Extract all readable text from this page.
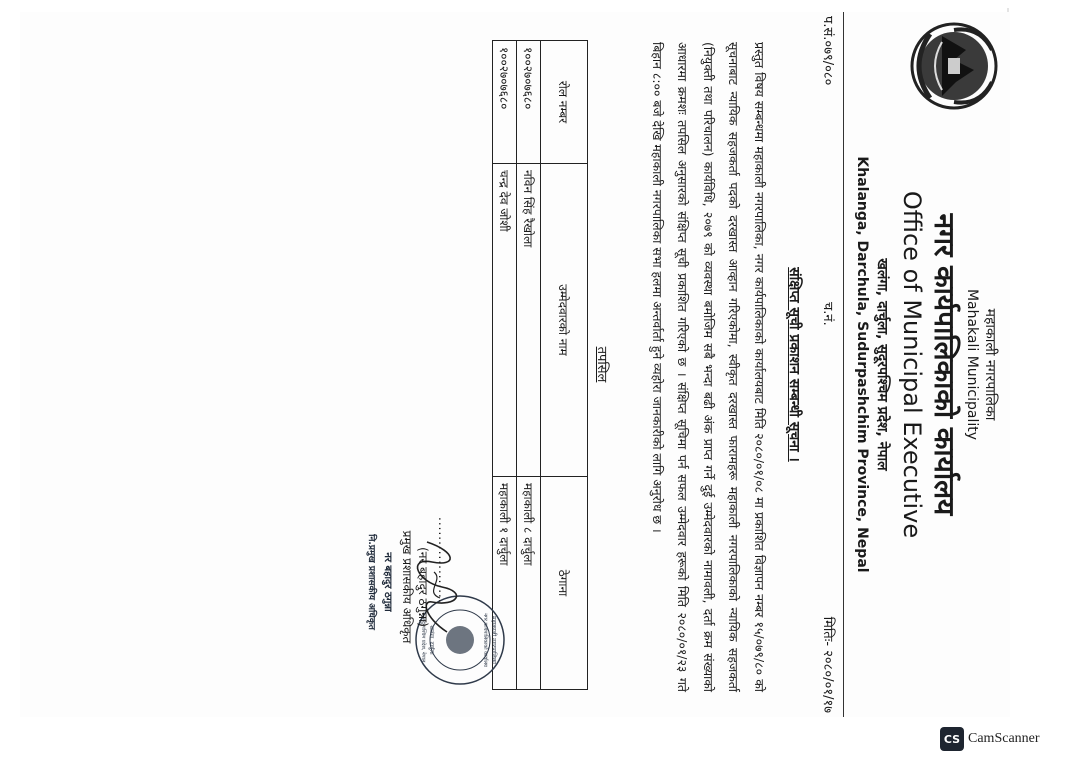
महाकाली नगरपालिका
Mahakali Municipality
नगर कार्यपालिकाको कार्यालय
Office of Municipal Executive
खलंगा, दार्चुला, सुदूरपश्चिम प्रदेश, नेपाल
Khalanga, Darchula, Sudurpashchim Province, Nepal
प.सं.०७९/०८०
च.नं.
मितिः- २०८०/०१/१७
संक्षिप्त सूची प्रकाशन सम्बन्धी सूचना ।
प्रस्तुत विषय सम्बन्धमा महाकाली नगरपालिका, नगर कार्यपालिकाको कार्यालयबाट मिति २०८०/०१/०८ मा प्रकाशित विज्ञापन नम्बर १५/०७९/८० को सूचनाबाट न्यायिक सहजकर्ता पदको दरखास्त आव्हान गरिएकोमा, स्वीकृत दरखास्त फारामहरू महाकाली नगरपालिकाको न्यायिक सहजकर्ता (नियुक्ती तथा परिचालन) कार्यविधि, २०७९ को व्यवस्था बमोजिम सबै भन्दा बढी अंक प्राप्त गर्ने दुई उम्मेदवारको नामावली, दर्ता क्रम संख्याको आधारमा क्रमशः तपसिल अनुसारको संक्षिप्त सूची प्रकाशित गरिएको छ । संक्षिप्त सूचिमा पर्न सफल उम्मेदवार हरूको मिति २०८०/०१/२३ गते बिहान ८:०० बजे देखि महाकाली नगरपालिका सभा हलमा अन्तर्वार्ता हुने व्यहोरा जानकारीको लागि अनुरोध छ ।
तपसिल
रोल नम्बर	उम्मेदवारको नाम	ठेगाना
१००२७०७६८०	नविन सिंह रैखोला	महाकाली ८ दार्चुला
१००२७०७६८०	चन्द्र देव जोशी	महाकाली १ दार्चुला
महाकाली नगरपालिका
नगर कार्यपालिकाको कार्यालय
खलंगा, दार्चुला
सुदूरपश्चिम प्रदेश, नेपाल
..................
(नर बहादुर ठगुन्ना)
प्रमुख प्रशासकीय अधिकृत
नर बहादुर ठगुन्ना
नि.प्रमुख प्रशासकीय अधिकृत
CS CamScanner
